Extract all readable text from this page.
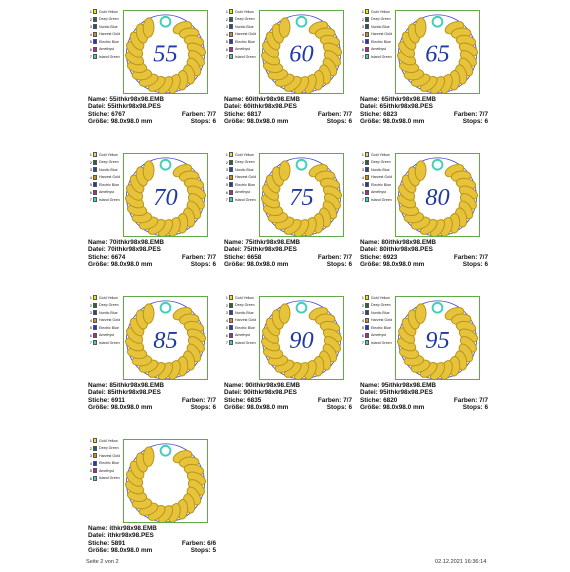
1 Gold Yellow
2 Deep Green
3 Nordic Blue
4 Harvest Gold
5 Electric Blue
6 Amethyst
7 Island Green 55
Name: 55ithkr98x98.EMB
Datei: 55ithkr98x98.PES
Stiche: 6767	Farben: 7/7
Größe: 98.0x98.0 mm	Stops: 6
1 Gold Yellow
2 Deep Green
3 Nordic Blue
4 Harvest Gold
5 Electric Blue
6 Amethyst
7 Island Green 60
Name: 60ithkr98x98.EMB
Datei: 60ithkr98x98.PES
Stiche: 6817	Farben: 7/7
Größe: 98.0x98.0 mm	Stops: 6
1 Gold Yellow
2 Deep Green
3 Nordic Blue
4 Harvest Gold
5 Electric Blue
6 Amethyst
7 Island Green 65
Name: 65ithkr98x98.EMB
Datei: 65ithkr98x98.PES
Stiche: 6823	Farben: 7/7
Größe: 98.0x98.0 mm	Stops: 6
1 Gold Yellow
2 Deep Green
3 Nordic Blue
4 Harvest Gold
5 Electric Blue
6 Amethyst
7 Island Green 70
Name: 70ithkr98x98.EMB
Datei: 70ithkr98x98.PES
Stiche: 6674	Farben: 7/7
Größe: 98.0x98.0 mm	Stops: 6
1 Gold Yellow
2 Deep Green
3 Nordic Blue
4 Harvest Gold
5 Electric Blue
6 Amethyst
7 Island Green 75
Name: 75ithkr98x98.EMB
Datei: 75ithkr98x98.PES
Stiche: 6658	Farben: 7/7
Größe: 98.0x98.0 mm	Stops: 6
1 Gold Yellow
2 Deep Green
3 Nordic Blue
4 Harvest Gold
5 Electric Blue
6 Amethyst
7 Island Green 80
Name: 80ithkr98x98.EMB
Datei: 80ithkr98x98.PES
Stiche: 6923	Farben: 7/7
Größe: 98.0x98.0 mm	Stops: 6
1 Gold Yellow
2 Deep Green
3 Nordic Blue
4 Harvest Gold
5 Electric Blue
6 Amethyst
7 Island Green 85
Name: 85ithkr98x98.EMB
Datei: 85ithkr98x98.PES
Stiche: 6911	Farben: 7/7
Größe: 98.0x98.0 mm	Stops: 6
1 Gold Yellow
2 Deep Green
3 Nordic Blue
4 Harvest Gold
5 Electric Blue
6 Amethyst
7 Island Green 90
Name: 90ithkr98x98.EMB
Datei: 90ithkr98x98.PES
Stiche: 6835	Farben: 7/7
Größe: 98.0x98.0 mm	Stops: 6
1 Gold Yellow
2 Deep Green
3 Nordic Blue
4 Harvest Gold
5 Electric Blue
6 Amethyst
7 Island Green 95
Name: 95ithkr98x98.EMB
Datei: 95ithkr98x98.PES
Stiche: 6820	Farben: 7/7
Größe: 98.0x98.0 mm	Stops: 6
1 Gold Yellow
2 Deep Green
3 Harvest Gold
4 Electric Blue
5 Amethyst
6 Island Green
Name: ithkr98x98.EMB
Datei: ithkr98x98.PES
Stiche: 5891	Farben: 6/6
Größe: 98.0x98.0 mm	Stops: 5
Seite 2 von 2	02.12.2021 16:36:14
